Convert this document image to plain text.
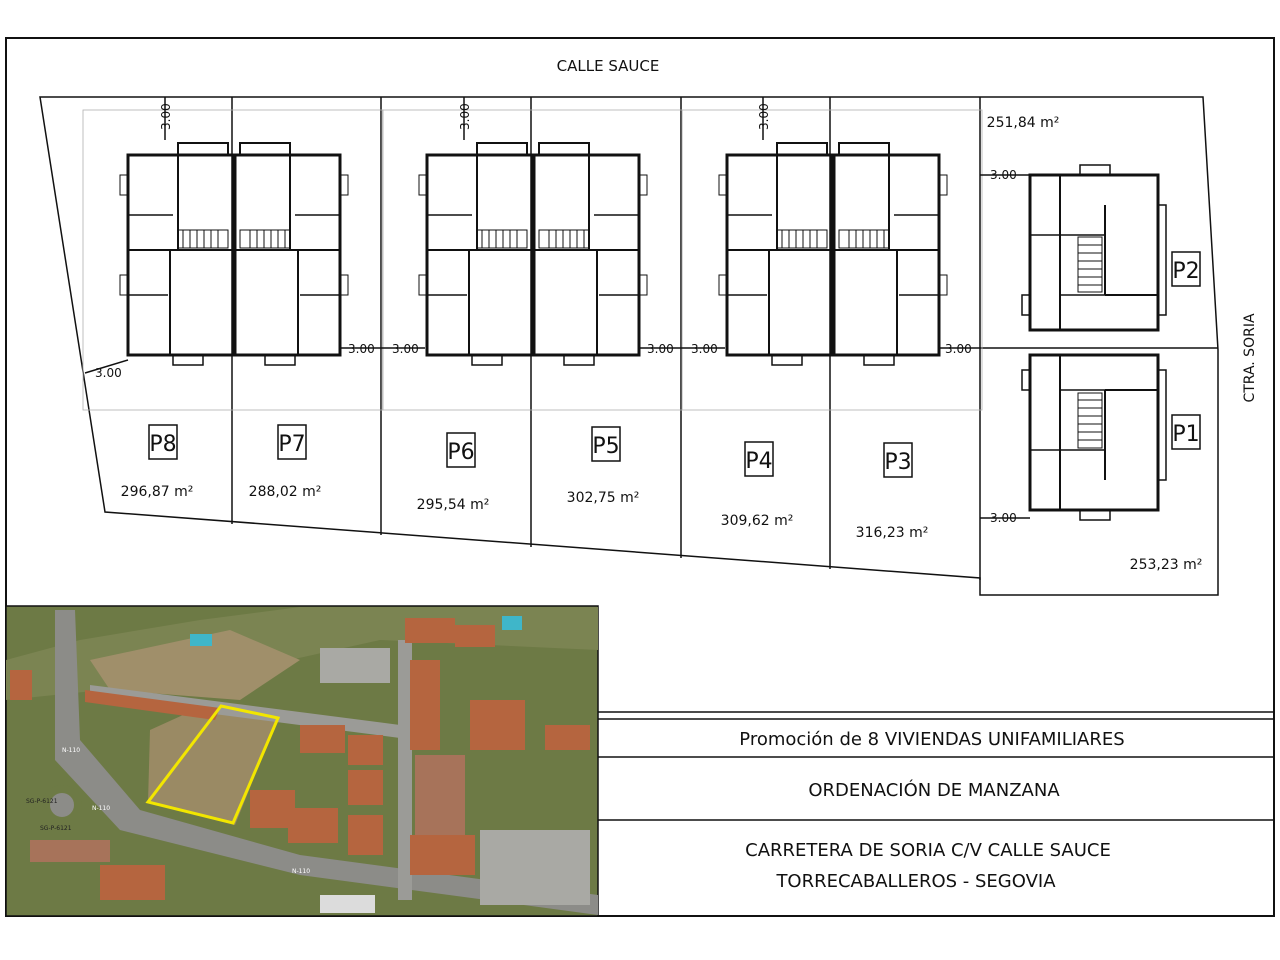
3.00	3.00	3.00
3.00 3.00	3.00 3.00	3.00
3.00
3.00
3.00
CALLE SAUCE
CTRA. SORIA
P8	P7	P6	P5
P4	P3
P2
P1
296,87 m²	288,02 m²
295,54 m²	302,75 m²
309,62 m²
316,23 m²
251,84 m²
253,23 m²
N-110
SG-P-6121
SG-P-6121
N-110
N-110
Promoción de 8 VIVIENDAS UNIFAMILIARES
ORDENACIÓN DE MANZANA
CARRETERA DE SORIA C/V CALLE SAUCE
TORRECABALLEROS - SEGOVIA
